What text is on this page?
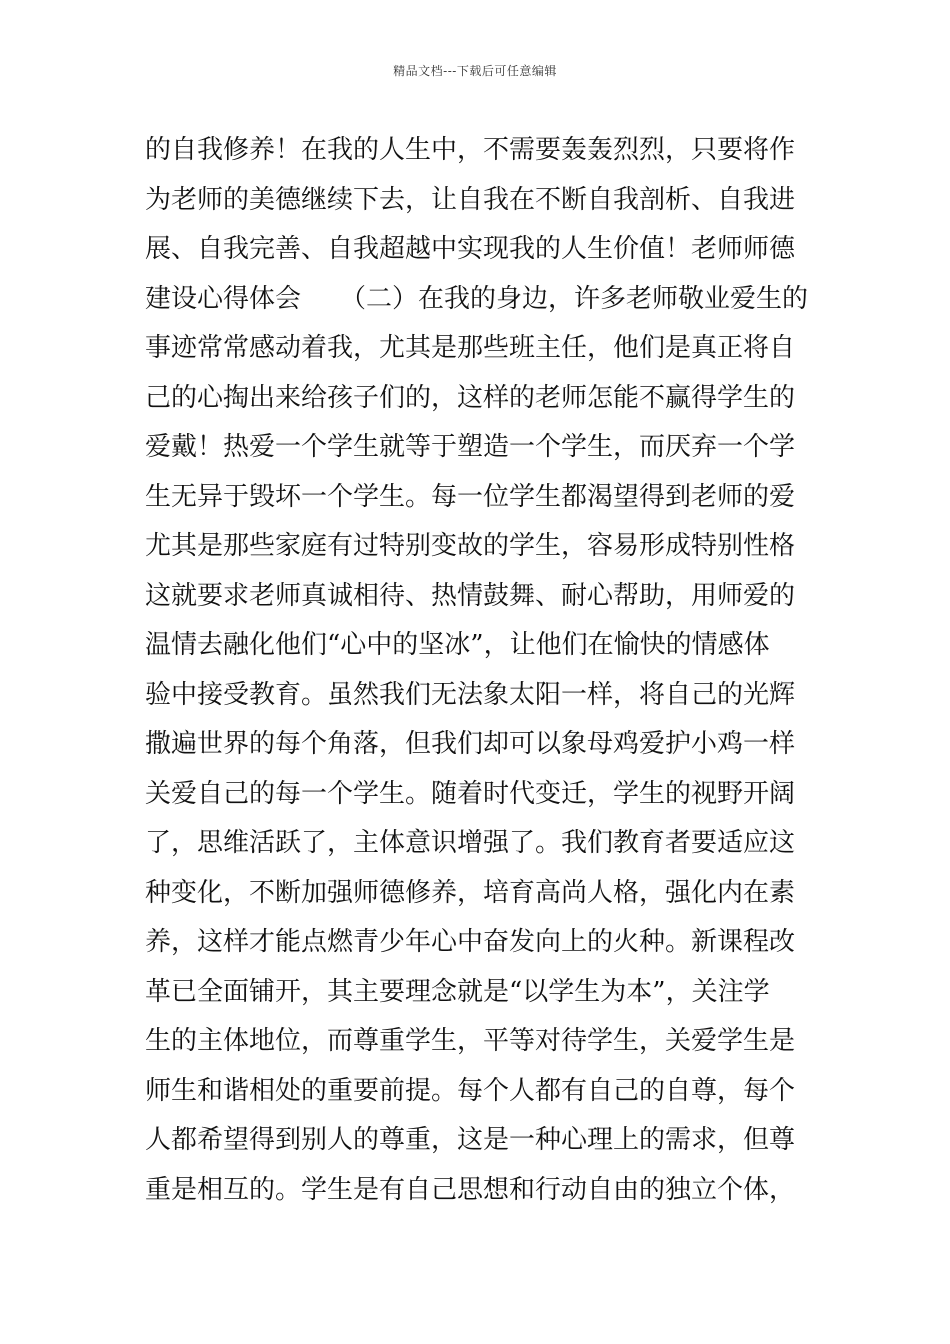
精品文档---下载后可任意编辑
的自我修养！在我的人生中，不需要轰轰烈烈，只要将作
为老师的美德继续下去，让自我在不断自我剖析、自我进
展、自我完善、自我超越中实现我的人生价值！老师师德
建设心得体会　　（二）在我的身边，许多老师敬业爱生的
事迹常常感动着我，尤其是那些班主任，他们是真正将自
己的心掏出来给孩子们的，这样的老师怎能不赢得学生的
爱戴！热爱一个学生就等于塑造一个学生，而厌弃一个学
生无异于毁坏一个学生。每一位学生都渴望得到老师的爱
尤其是那些家庭有过特别变故的学生，容易形成特别性格
这就要求老师真诚相待、热情鼓舞、耐心帮助，用师爱的
温情去融化他们“心中的坚冰”，让他们在愉快的情感体
验中接受教育。虽然我们无法象太阳一样，将自己的光辉
撒遍世界的每个角落，但我们却可以象母鸡爱护小鸡一样
关爱自己的每一个学生。随着时代变迁，学生的视野开阔
了，思维活跃了，主体意识增强了。我们教育者要适应这
种变化，不断加强师德修养，培育高尚人格，强化内在素
养，这样才能点燃青少年心中奋发向上的火种。新课程改
革已全面铺开，其主要理念就是“以学生为本”，关注学
生的主体地位，而尊重学生，平等对待学生，关爱学生是
师生和谐相处的重要前提。每个人都有自己的自尊，每个
人都希望得到别人的尊重，这是一种心理上的需求，但尊
重是相互的。学生是有自己思想和行动自由的独立个体，
